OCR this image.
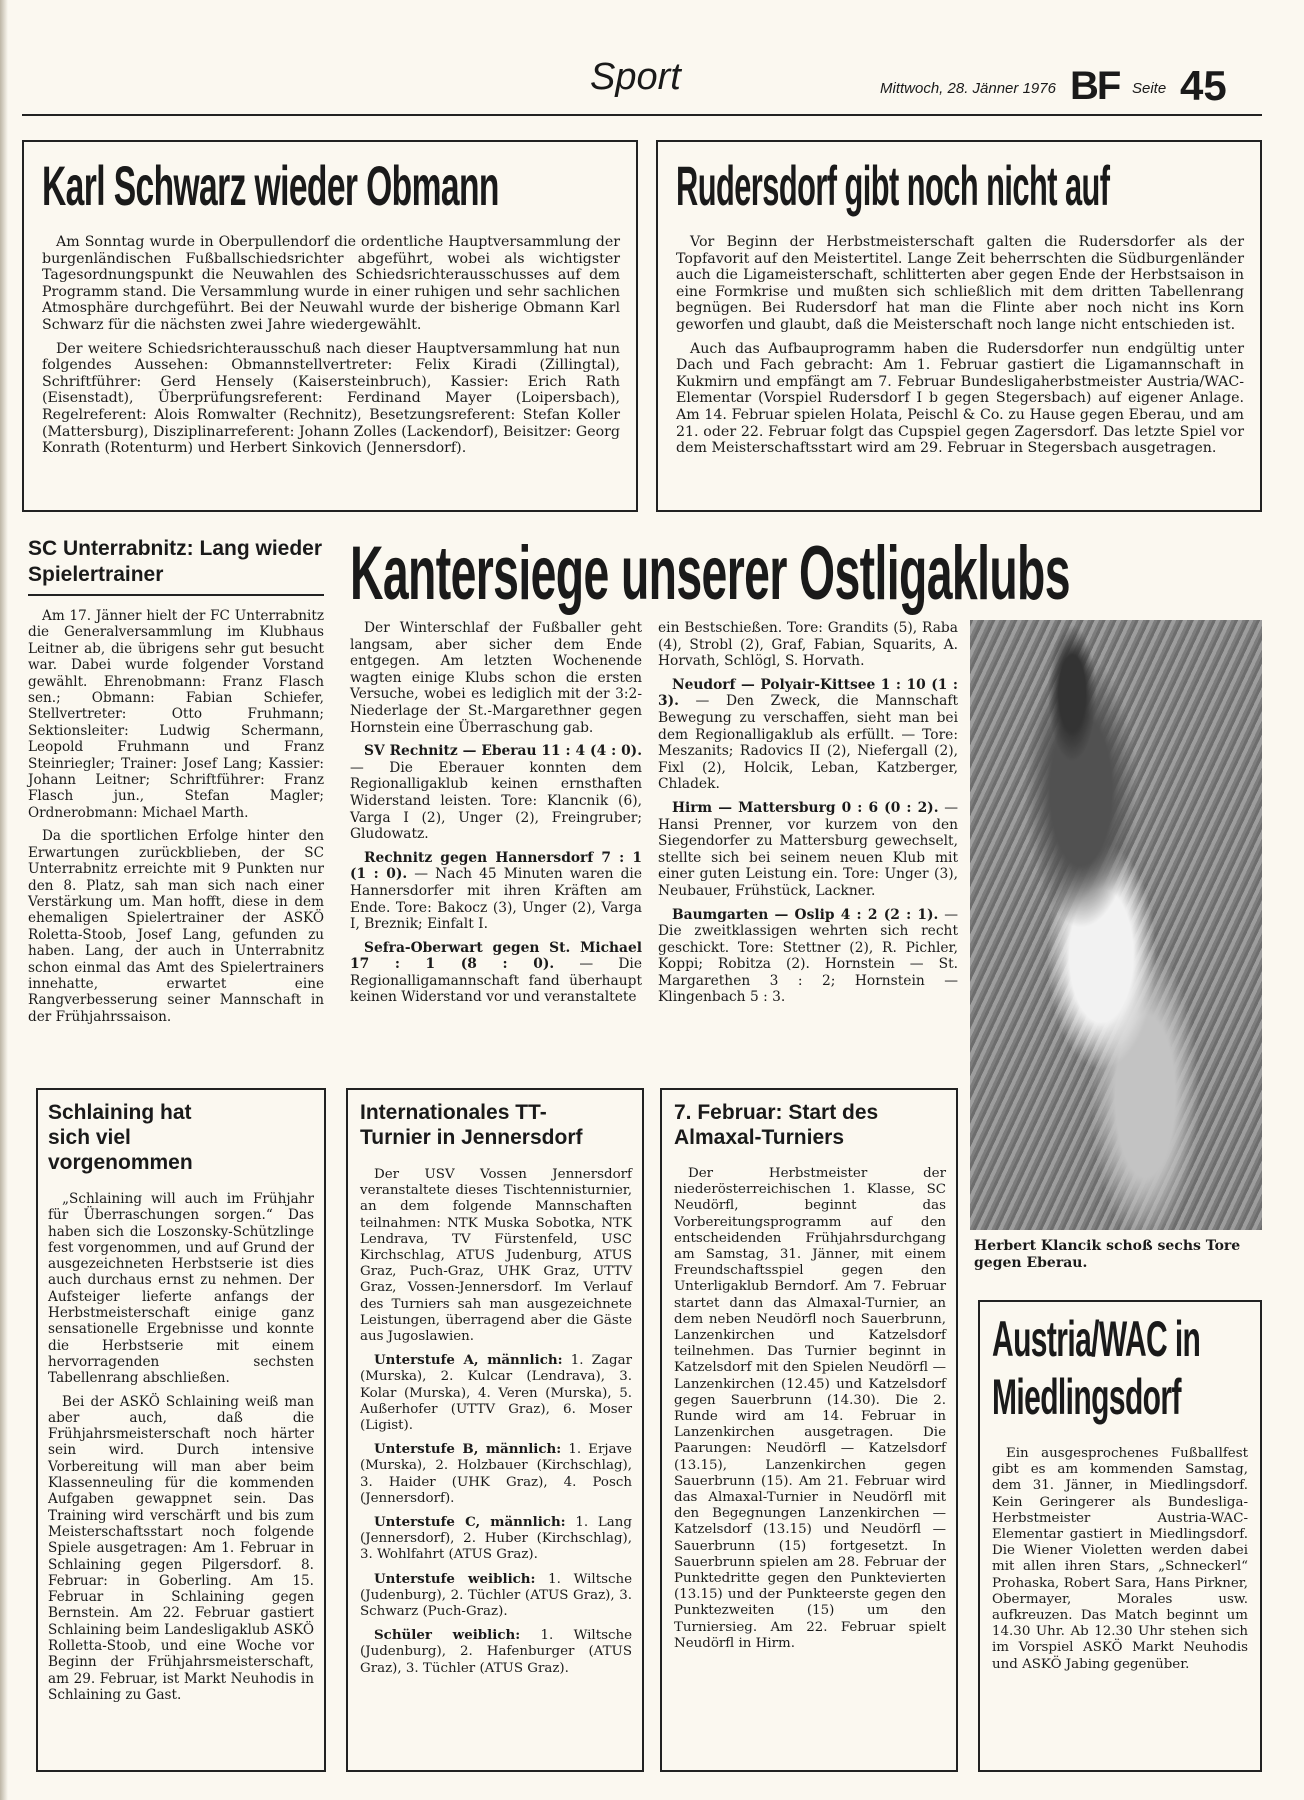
Sport	Mittwoch, 28. Jänner 1976 BF Seite 45
Karl Schwarz wieder Obmann

Am Sonntag wurde in Oberpullendorf die ordentliche Hauptversammlung der burgenländischen Fußballschiedsrichter abgeführt, wobei als wichtigster Tagesordnungspunkt die Neuwahlen des Schiedsrichterausschusses auf dem Programm stand. Die Versammlung wurde in einer ruhigen und sehr sachlichen Atmosphäre durchgeführt. Bei der Neuwahl wurde der bisherige Obmann Karl Schwarz für die nächsten zwei Jahre wiedergewählt.

Der weitere Schiedsrichterausschuß nach dieser Hauptversammlung hat nun folgendes Aussehen: Obmannstellvertreter: Felix Kiradi (Zillingtal), Schriftführer: Gerd Hensely (Kaisersteinbruch), Kassier: Erich Rath (Eisenstadt), Überprüfungsreferent: Ferdinand Mayer (Loipersbach), Regelreferent: Alois Romwalter (Rechnitz), Besetzungsreferent: Stefan Koller (Mattersburg), Disziplinarreferent: Johann Zolles (Lackendorf), Beisitzer: Georg Konrath (Rotenturm) und Herbert Sinkovich (Jennersdorf).

Rudersdorf gibt noch nicht auf

Vor Beginn der Herbstmeisterschaft galten die Rudersdorfer als der Topfavorit auf den Meistertitel. Lange Zeit beherrschten die Südburgenländer auch die Ligameisterschaft, schlitterten aber gegen Ende der Herbstsaison in eine Formkrise und mußten sich schließlich mit dem dritten Tabellenrang begnügen. Bei Rudersdorf hat man die Flinte aber noch nicht ins Korn geworfen und glaubt, daß die Meisterschaft noch lange nicht entschieden ist.

Auch das Aufbauprogramm haben die Rudersdorfer nun endgültig unter Dach und Fach gebracht: Am 1. Februar gastiert die Ligamannschaft in Kukmirn und empfängt am 7. Februar Bundesligaherbstmeister Austria/WAC-Elementar (Vorspiel Rudersdorf I b gegen Stegersbach) auf eigener Anlage. Am 14. Februar spielen Holata, Peischl & Co. zu Hause gegen Eberau, und am 21. oder 22. Februar folgt das Cupspiel gegen Zagersdorf. Das letzte Spiel vor dem Meisterschaftsstart wird am 29. Februar in Stegersbach ausgetragen.

SC Unterrabnitz: Lang wieder Spielertrainer

Am 17. Jänner hielt der FC Unterrabnitz die Generalversammlung im Klubhaus Leitner ab, die übrigens sehr gut besucht war. Dabei wurde folgender Vorstand gewählt. Ehrenobmann: Franz Flasch sen.; Obmann: Fabian Schiefer, Stellvertreter: Otto Fruhmann; Sektionsleiter: Ludwig Schermann, Leopold Fruhmann und Franz Steinriegler; Trainer: Josef Lang; Kassier: Johann Leitner; Schriftführer: Franz Flasch jun., Stefan Magler; Ordnerobmann: Michael Marth.

Da die sportlichen Erfolge hinter den Erwartungen zurückblieben, der SC Unterrabnitz erreichte mit 9 Punkten nur den 8. Platz, sah man sich nach einer Verstärkung um. Man hofft, diese in dem ehemaligen Spielertrainer der ASKÖ Roletta-Stoob, Josef Lang, gefunden zu haben. Lang, der auch in Unterrabnitz schon einmal das Amt des Spielertrainers innehatte, erwartet eine Rangverbesserung seiner Mannschaft in der Frühjahrssaison.

Kantersiege unserer Ostligaklubs

Der Winterschlaf der Fußballer geht langsam, aber sicher dem Ende entgegen. Am letzten Wochenende wagten einige Klubs schon die ersten Versuche, wobei es lediglich mit der 3:2-Niederlage der St.-Margarethner gegen Hornstein eine Überraschung gab.

SV Rechnitz — Eberau 11 : 4 (4 : 0). — Die Eberauer konnten dem Regionalligaklub keinen ernsthaften Widerstand leisten. Tore: Klancnik (6), Varga I (2), Unger (2), Freingruber; Gludowatz.

Rechnitz gegen Hannersdorf 7 : 1 (1 : 0). — Nach 45 Minuten waren die Hannersdorfer mit ihren Kräften am Ende. Tore: Bakocz (3), Unger (2), Varga I, Breznik; Einfalt I.

Sefra-Oberwart gegen St. Michael 17 : 1 (8 : 0). — Die Regionalligamannschaft fand überhaupt keinen Widerstand vor und veranstaltete

ein Bestschießen. Tore: Grandits (5), Raba (4), Strobl (2), Graf, Fabian, Squarits, A. Horvath, Schlögl, S. Horvath.

Neudorf — Polyair-Kittsee 1 : 10 (1 : 3). — Den Zweck, die Mannschaft Bewegung zu verschaffen, sieht man bei dem Regionalligaklub als erfüllt. — Tore: Meszanits; Radovics II (2), Niefergall (2), Fixl (2), Holcik, Leban, Katzberger, Chladek.

Hirm — Mattersburg 0 : 6 (0 : 2). — Hansi Prenner, vor kurzem von den Siegendorfer zu Mattersburg gewechselt, stellte sich bei seinem neuen Klub mit einer guten Leistung ein. Tore: Unger (3), Neubauer, Frühstück, Lackner.

Baumgarten — Oslip 4 : 2 (2 : 1). — Die zweitklassigen wehrten sich recht geschickt. Tore: Stettner (2), R. Pichler, Koppi; Robitza (2). Hornstein — St. Margarethen 3 : 2; Hornstein — Klingenbach 5 : 3.

Herbert Klancik schoß sechs Tore gegen Eberau.
Schlaining hat sich viel vorgenommen

„Schlaining will auch im Frühjahr für Überraschungen sorgen.“ Das haben sich die Loszonsky-Schützlinge fest vorgenommen, und auf Grund der ausgezeichneten Herbstserie ist dies auch durchaus ernst zu nehmen. Der Aufsteiger lieferte anfangs der Herbstmeisterschaft einige ganz sensationelle Ergebnisse und konnte die Herbstserie mit einem hervorragenden sechsten Tabellenrang abschließen.

Bei der ASKÖ Schlaining weiß man aber auch, daß die Frühjahrsmeisterschaft noch härter sein wird. Durch intensive Vorbereitung will man aber beim Klassenneuling für die kommenden Aufgaben gewappnet sein. Das Training wird verschärft und bis zum Meisterschaftsstart noch folgende Spiele ausgetragen: Am 1. Februar in Schlaining gegen Pilgersdorf. 8. Februar: in Goberling. Am 15. Februar in Schlaining gegen Bernstein. Am 22. Februar gastiert Schlaining beim Landesligaklub ASKÖ Rolletta-Stoob, und eine Woche vor Beginn der Frühjahrsmeisterschaft, am 29. Februar, ist Markt Neuhodis in Schlaining zu Gast.

Internationales TT-Turnier in Jennersdorf

Der USV Vossen Jennersdorf veranstaltete dieses Tischtennisturnier, an dem folgende Mannschaften teilnahmen: NTK Muska Sobotka, NTK Lendrava, TV Fürstenfeld, USC Kirchschlag, ATUS Judenburg, ATUS Graz, Puch-Graz, UHK Graz, UTTV Graz, Vossen-Jennersdorf. Im Verlauf des Turniers sah man ausgezeichnete Leistungen, überragend aber die Gäste aus Jugoslawien.

Unterstufe A, männlich: 1. Zagar (Murska), 2. Kulcar (Lendrava), 3. Kolar (Murska), 4. Veren (Murska), 5. Außerhofer (UTTV Graz), 6. Moser (Ligist).

Unterstufe B, männlich: 1. Erjave (Murska), 2. Holzbauer (Kirchschlag), 3. Haider (UHK Graz), 4. Posch (Jennersdorf).

Unterstufe C, männlich: 1. Lang (Jennersdorf), 2. Huber (Kirchschlag), 3. Wohlfahrt (ATUS Graz).

Unterstufe weiblich: 1. Wiltsche (Judenburg), 2. Tüchler (ATUS Graz), 3. Schwarz (Puch-Graz).

Schüler weiblich: 1. Wiltsche (Judenburg), 2. Hafenburger (ATUS Graz), 3. Tüchler (ATUS Graz).

7. Februar: Start des Almaxal-Turniers

Der Herbstmeister der niederösterreichischen 1. Klasse, SC Neudörfl, beginnt das Vorbereitungsprogramm auf den entscheidenden Frühjahrsdurchgang am Samstag, 31. Jänner, mit einem Freundschaftsspiel gegen den Unterligaklub Berndorf. Am 7. Februar startet dann das Almaxal-Turnier, an dem neben Neudörfl noch Sauerbrunn, Lanzenkirchen und Katzelsdorf teilnehmen. Das Turnier beginnt in Katzelsdorf mit den Spielen Neudörfl — Lanzenkirchen (12.45) und Katzelsdorf gegen Sauerbrunn (14.30). Die 2. Runde wird am 14. Februar in Lanzenkirchen ausgetragen. Die Paarungen: Neudörfl — Katzelsdorf (13.15), Lanzenkirchen gegen Sauerbrunn (15). Am 21. Februar wird das Almaxal-Turnier in Neudörfl mit den Begegnungen Lanzenkirchen — Katzelsdorf (13.15) und Neudörfl — Sauerbrunn (15) fortgesetzt. In Sauerbrunn spielen am 28. Februar der Punktedritte gegen den Punktevierten (13.15) und der Punkteerste gegen den Punktezweiten (15) um den Turniersieg. Am 22. Februar spielt Neudörfl in Hirm.

Austria/WAC in
Miedlingsdorf

Ein ausgesprochenes Fußballfest gibt es am kommenden Samstag, dem 31. Jänner, in Miedlingsdorf. Kein Geringerer als Bundesliga-Herbstmeister Austria-WAC-Elementar gastiert in Miedlingsdorf. Die Wiener Violetten werden dabei mit allen ihren Stars, „Schneckerl“ Prohaska, Robert Sara, Hans Pirkner, Obermayer, Morales usw. aufkreuzen. Das Match beginnt um 14.30 Uhr. Ab 12.30 Uhr stehen sich im Vorspiel ASKÖ Markt Neuhodis und ASKÖ Jabing gegenüber.
